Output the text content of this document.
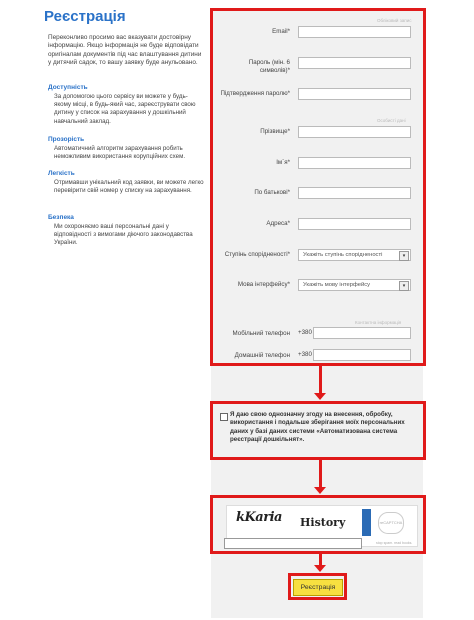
Реєстрація
Переконливо просимо вас вказувати достовірну інформацію. Якщо інформація не буде відповідати оригіналам документів під час влаштування дитини у дитячий садок, то вашу заявку буде анульовано.
Доступність
За допомогою цього сервісу ви можете у будь-якому місці, в будь-який час, зареєструвати свою дитину у список на зарахування у дошкільний навчальний заклад.
Прозорість
Автоматичний алгоритм зарахування робить неможливим використання корупційних схем.
Легкість
Отримавши унікальний код заявки, ви можете легко перевірити свій номер у списку на зарахування.
Безпека
Ми охороняємо ваші персональні дані у відповідності з вимогами діючого законодавства України.
Обліковий запис
Email*
Пароль (мін. 6 символів)*
Підтвердження паролю*
Особисті дані
Прізвище*
Ім`я*
По батькові*
Адреса*
Ступінь спорідненості*	Укажіть ступінь спорідненості	▾
Мова інтерфейсу*	Укажіть мову інтерфейсу	▾
Контактна інформація
Мобільний телефон +380
Домашній телефон +380
Я даю свою однозначну згоду на внесення, обробку, використання і подальше зберігання моїх персональних даних у базі даних системи «Автоматизована система реєстрації дошкільнят».
kKaria History	reCAPTCHA
stop spam. read books.
Реєстрація
